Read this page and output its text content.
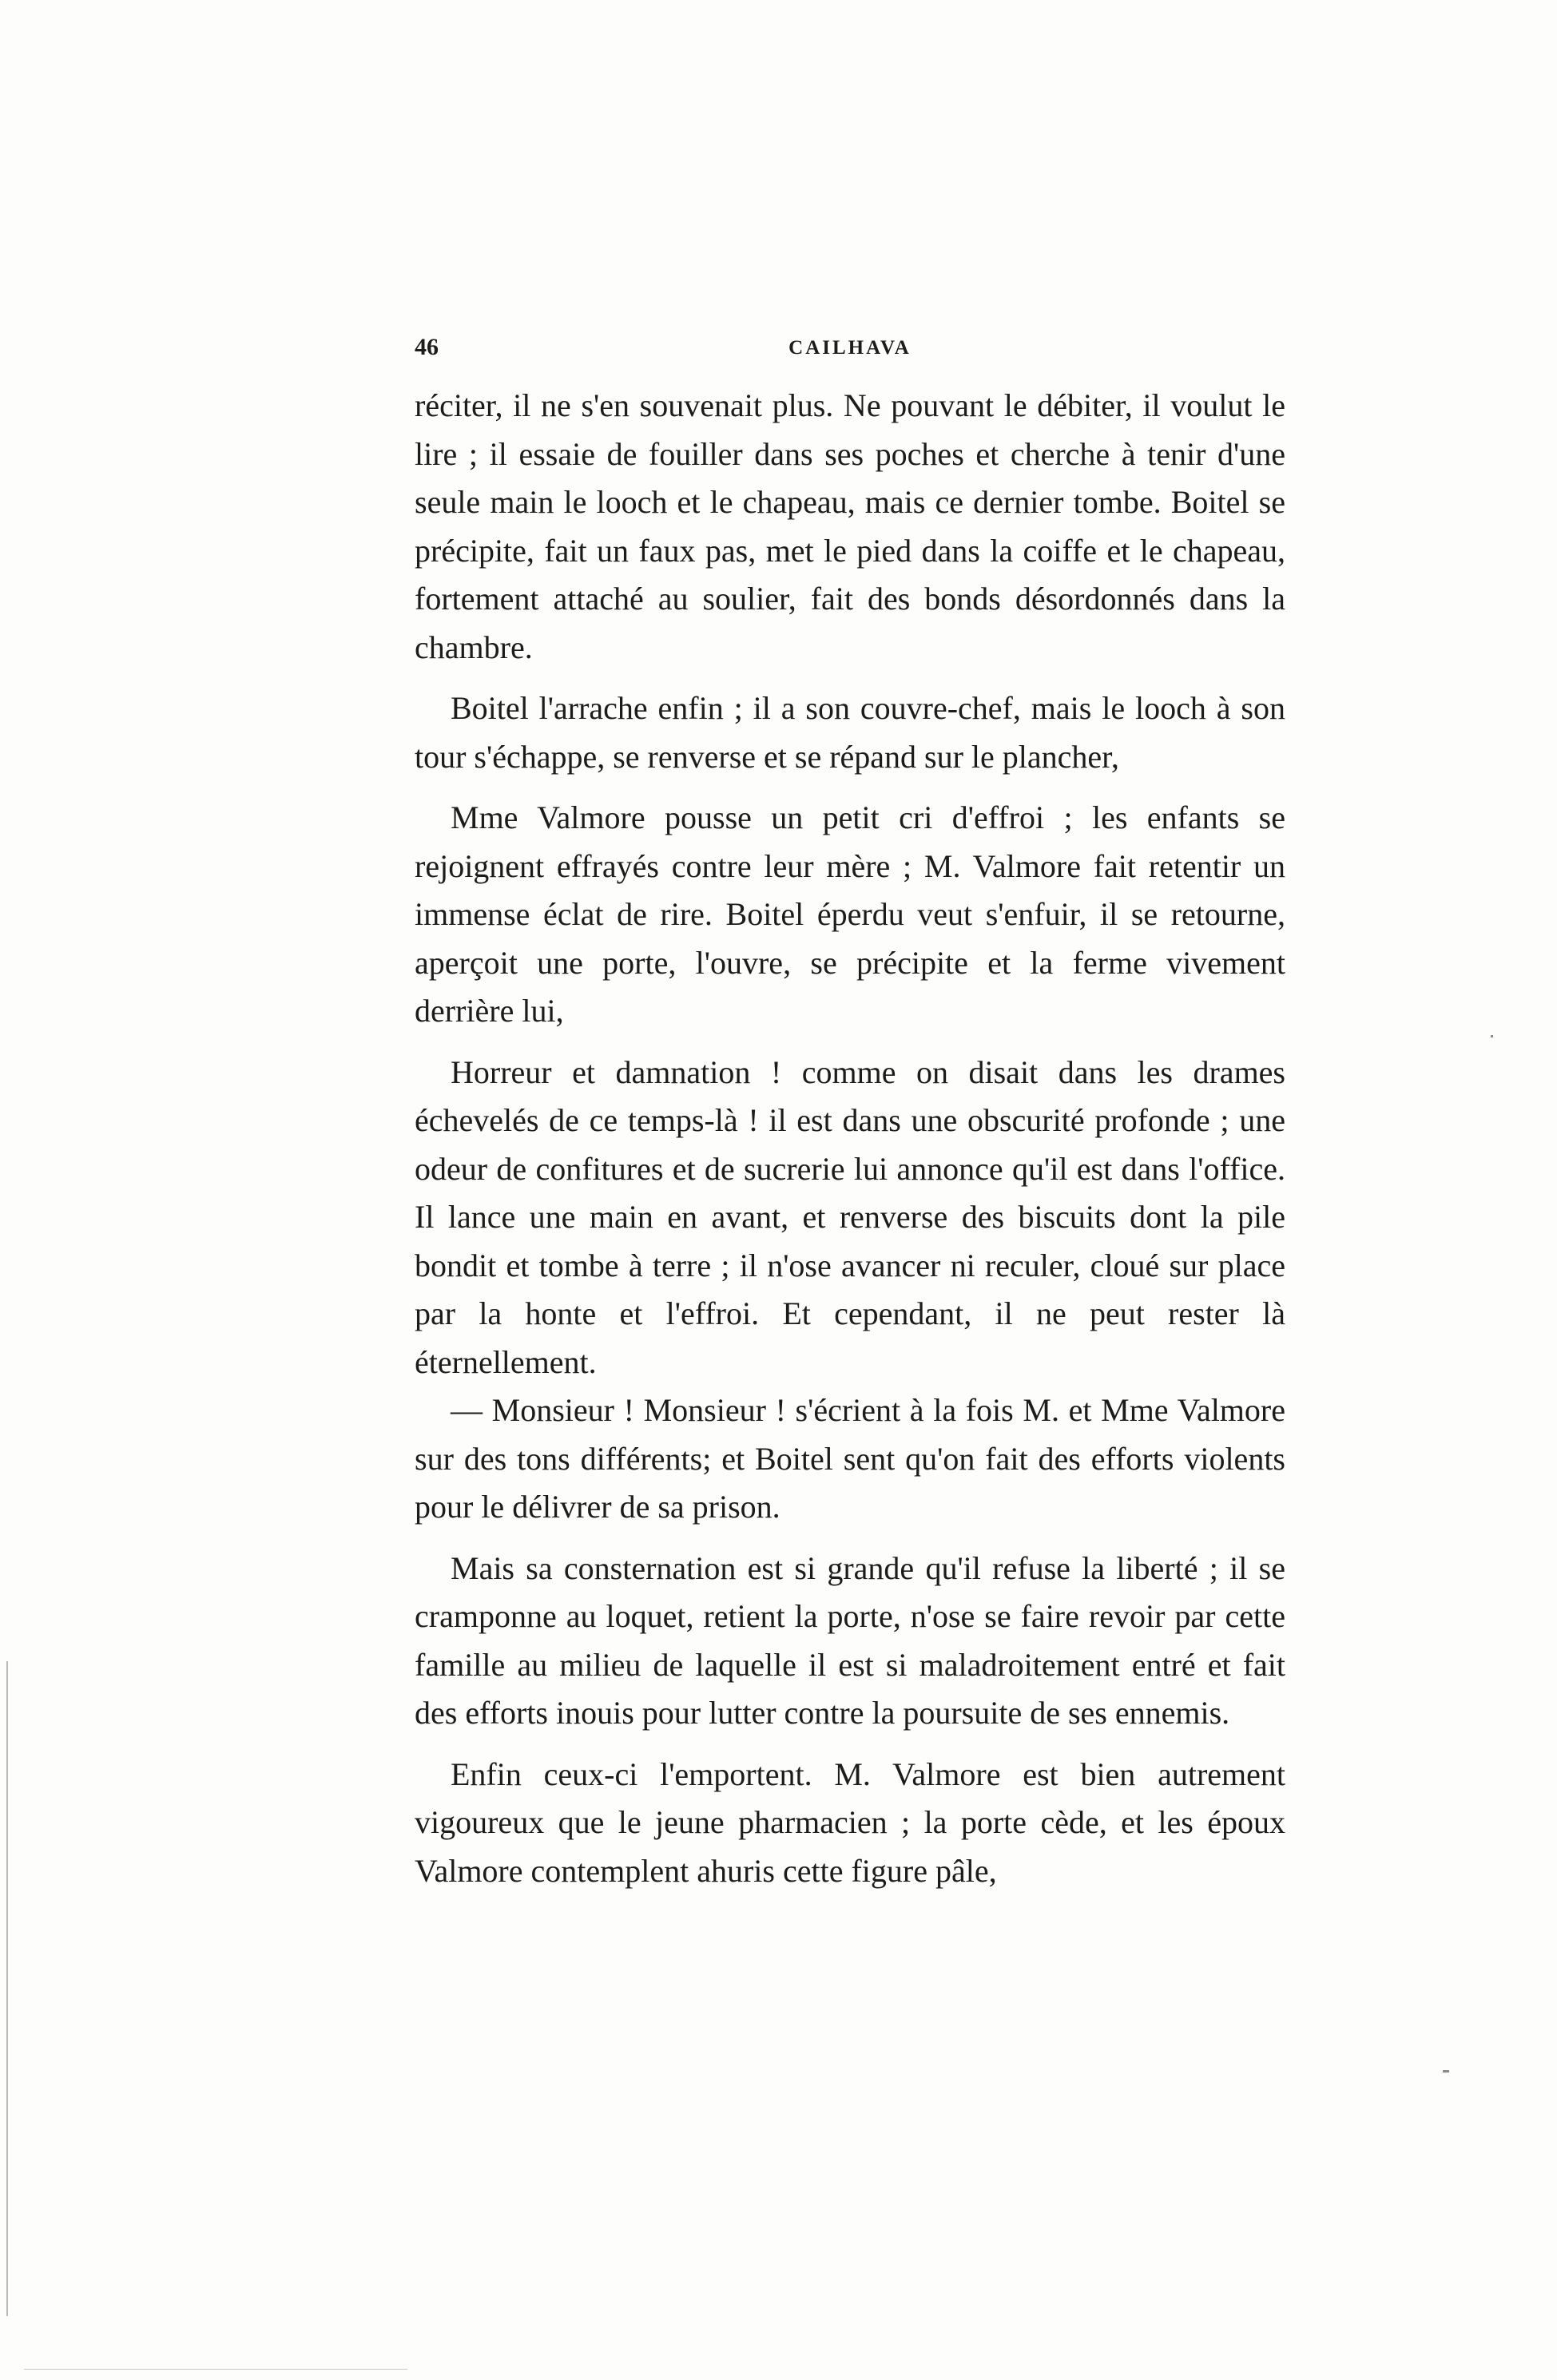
46	CAILHAVA

réciter, il ne s'en souvenait plus. Ne pouvant le débiter, il voulut le lire ; il essaie de fouiller dans ses poches et cherche à tenir d'une seule main le looch et le chapeau, mais ce dernier tombe. Boitel se précipite, fait un faux pas, met le pied dans la coiffe et le chapeau, fortement attaché au soulier, fait des bonds désordonnés dans la chambre.

Boitel l'arrache enfin ; il a son couvre-chef, mais le looch à son tour s'échappe, se renverse et se répand sur le plancher,

Mme Valmore pousse un petit cri d'effroi ; les enfants se rejoignent effrayés contre leur mère ; M. Valmore fait retentir un immense éclat de rire. Boitel éperdu veut s'enfuir, il se retourne, aperçoit une porte, l'ouvre, se précipite et la ferme vivement derrière lui,

Horreur et damnation ! comme on disait dans les drames échevelés de ce temps-là ! il est dans une obscurité profonde ; une odeur de confitures et de sucrerie lui annonce qu'il est dans l'office. Il lance une main en avant, et renverse des biscuits dont la pile bondit et tombe à terre ; il n'ose avancer ni reculer, cloué sur place par la honte et l'effroi. Et cependant, il ne peut rester là éternellement.

— Monsieur ! Monsieur ! s'écrient à la fois M. et Mme Valmore sur des tons différents; et Boitel sent qu'on fait des efforts violents pour le délivrer de sa prison.

Mais sa consternation est si grande qu'il refuse la liberté ; il se cramponne au loquet, retient la porte, n'ose se faire revoir par cette famille au milieu de laquelle il est si maladroitement entré et fait des efforts inouis pour lutter contre la poursuite de ses ennemis.

Enfin ceux-ci l'emportent. M. Valmore est bien autrement vigoureux que le jeune pharmacien ; la porte cède, et les époux Valmore contemplent ahuris cette figure pâle,
